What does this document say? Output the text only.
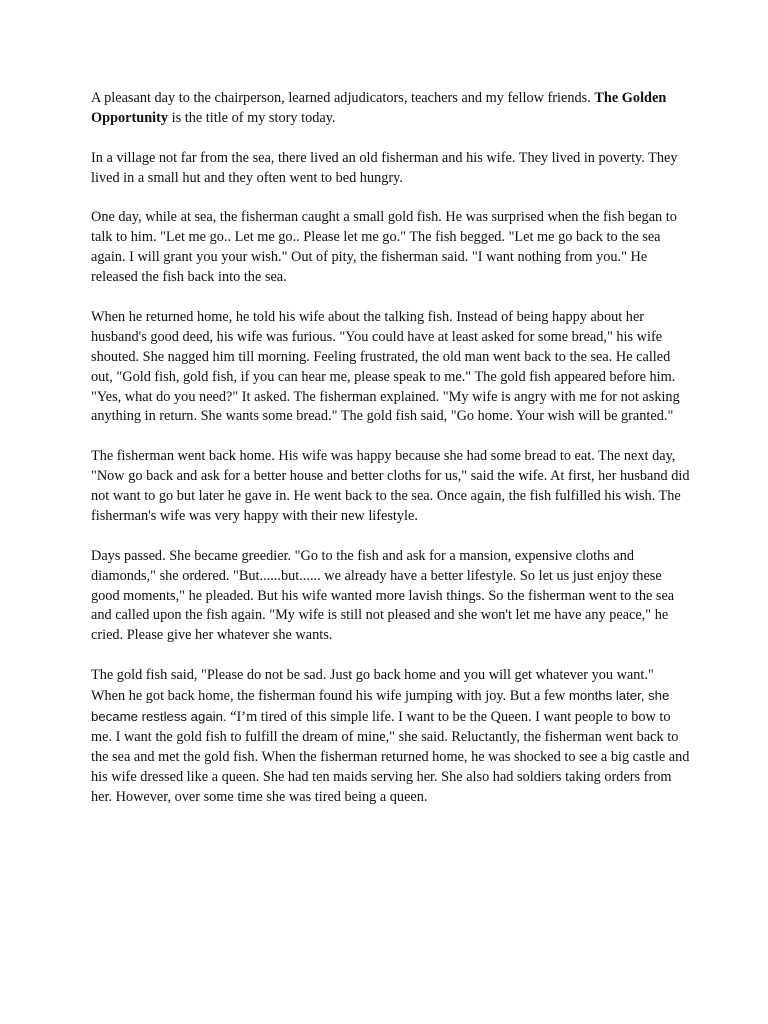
A pleasant day to the chairperson, learned adjudicators, teachers and my fellow friends. The Golden Opportunity is the title of my story today.

In a village not far from the sea, there lived an old fisherman and his wife. They lived in poverty. They lived in a small hut and they often went to bed hungry.

One day, while at sea, the fisherman caught a small gold fish. He was surprised when the fish began to talk to him. "Let me go.. Let me go.. Please let me go." The fish begged. "Let me go back to the sea again. I will grant you your wish." Out of pity, the fisherman said. "I want nothing from you." He released the fish back into the sea.

When he returned home, he told his wife about the talking fish. Instead of being happy about her husband's good deed, his wife was furious. "You could have at least asked for some bread," his wife shouted. She nagged him till morning. Feeling frustrated, the old man went back to the sea. He called out, "Gold fish, gold fish, if you can hear me, please speak to me." The gold fish appeared before him. "Yes, what do you need?" It asked. The fisherman explained. "My wife is angry with me for not asking anything in return. She wants some bread." The gold fish said, "Go home. Your wish will be granted."

The fisherman went back home. His wife was happy because she had some bread to eat. The next day, "Now go back and ask for a better house and better cloths for us," said the wife. At first, her husband did not want to go but later he gave in. He went back to the sea. Once again, the fish fulfilled his wish. The fisherman's wife was very happy with their new lifestyle.

Days passed. She became greedier. "Go to the fish and ask for a mansion, expensive cloths and diamonds," she ordered. "But......but...... we already have a better lifestyle. So let us just enjoy these good moments," he pleaded. But his wife wanted more lavish things. So the fisherman went to the sea and called upon the fish again. "My wife is still not pleased and she won't let me have any peace," he cried. Please give her whatever she wants.

The gold fish said, "Please do not be sad. Just go back home and you will get whatever you want." When he got back home, the fisherman found his wife jumping with joy. But a few months later, she became restless again. “I’m tired of this simple life. I want to be the Queen. I want people to bow to me. I want the gold fish to fulfill the dream of mine," she said. Reluctantly, the fisherman went back to the sea and met the gold fish. When the fisherman returned home, he was shocked to see a big castle and his wife dressed like a queen. She had ten maids serving her. She also had soldiers taking orders from her. However, over some time she was tired being a queen.
